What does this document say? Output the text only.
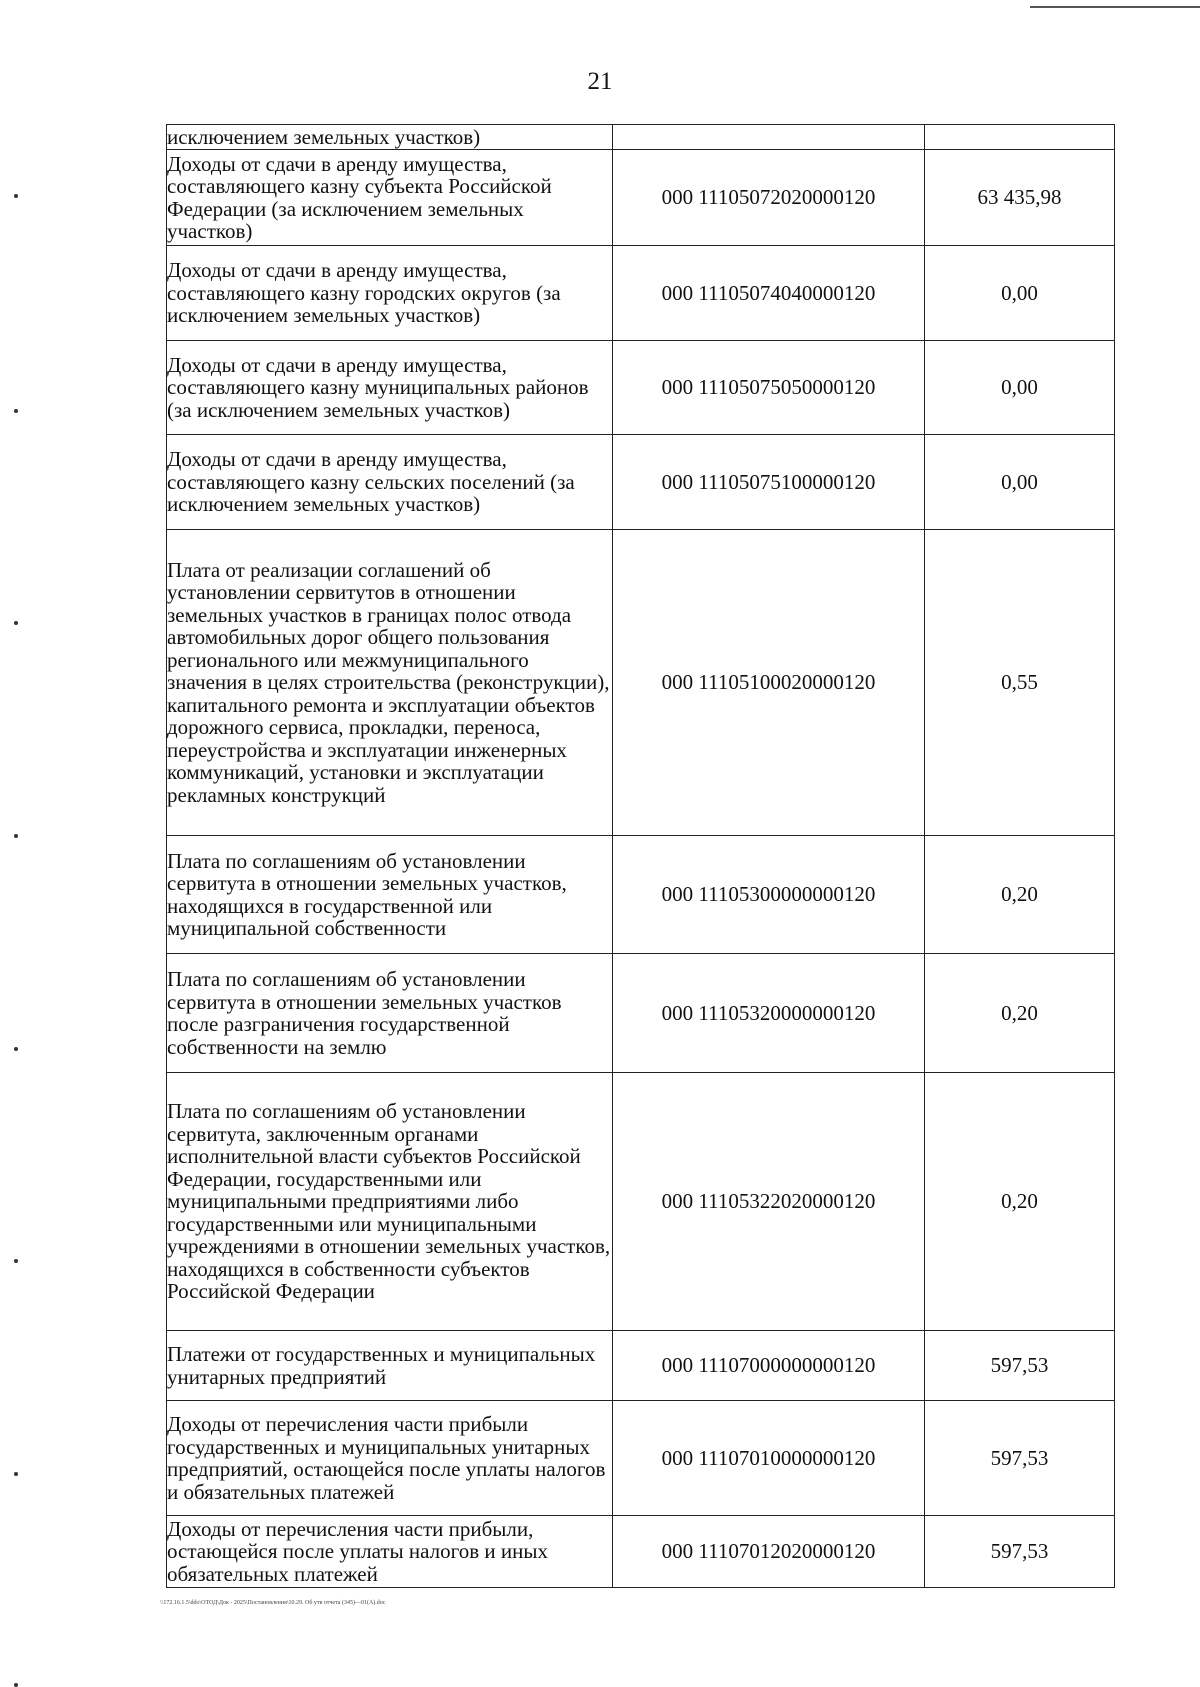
21
исключением земельных участков)		
Доходы от сдачи в аренду имущества, составляющего казну субъекта Российской Федерации (за исключением земельных участков)	000 11105072020000120	63 435,98
Доходы от сдачи в аренду имущества, составляющего казну городских округов (за исключением земельных участков)	000 11105074040000120	0,00
Доходы от сдачи в аренду имущества, составляющего казну муниципальных районов (за исключением земельных участков)	000 11105075050000120	0,00
Доходы от сдачи в аренду имущества, составляющего казну сельских поселений (за исключением земельных участков)	000 11105075100000120	0,00
Плата от реализации соглашений об установлении сервитутов в отношении земельных участков в границах полос отвода автомобильных дорог общего пользования регионального или межмуниципального значения в целях строительства (реконструкции), капитального ремонта и эксплуатации объектов дорожного сервиса, прокладки, переноса, переустройства и эксплуатации инженерных коммуникаций, установки и эксплуатации рекламных конструкций	000 11105100020000120	0,55
Плата по соглашениям об установлении сервитута в отношении земельных участков, находящихся в государственной или муниципальной собственности	000 11105300000000120	0,20
Плата по соглашениям об установлении сервитута в отношении земельных участков после разграничения государственной собственности на землю	000 11105320000000120	0,20
Плата по соглашениям об установлении сервитута, заключенным органами исполнительной власти субъектов Российской Федерации, государственными или муниципальными предприятиями либо государственными или муниципальными учреждениями в отношении земельных участков, находящихся в собственности субъектов Российской Федерации	000 11105322020000120	0,20
Платежи от государственных и муниципальных унитарных предприятий	000 11107000000000120	597,53
Доходы от перечисления части прибыли государственных и муниципальных унитарных предприятий, остающейся после уплаты налогов и обязательных платежей	000 11107010000000120	597,53
Доходы от перечисления части прибыли, остающейся после уплаты налогов и иных обязательных платежей	000 11107012020000120	597,53
\\172.16.1.5\ddo\ОТОД\Док - 2025\Постановления\10.29. Об утв отчета (345)—01(А).doc
